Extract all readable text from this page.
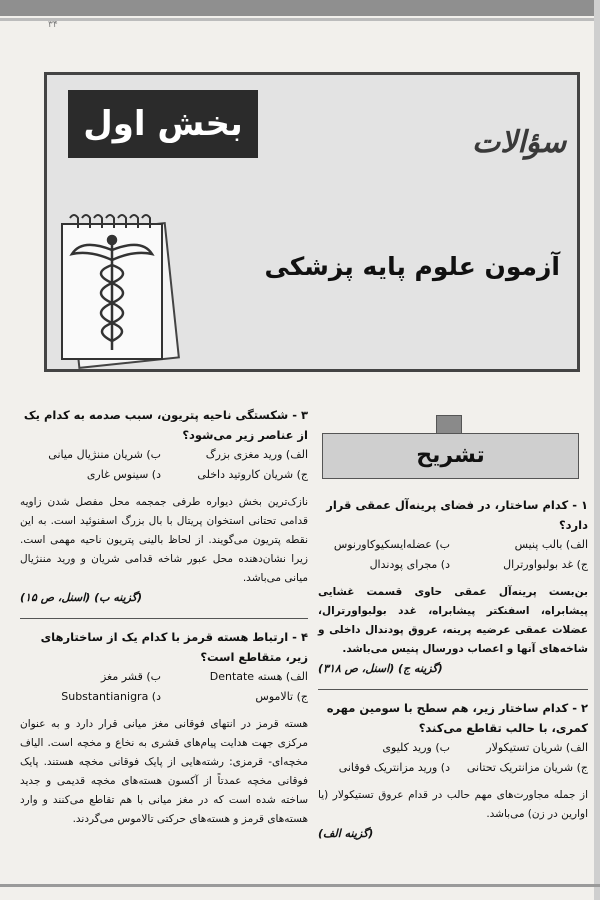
۳۴
بخش اول	سؤالات
آزمون علوم پایه پزشکی
تشریح
۱ - کدام ساختار، در فضای پرینه‌آل عمقی قرار دارد؟
الف) بالب پنیس
ب) عضله‌ایسکیوکاورنوس
ج) غد بولبواورترال
د) مجرای پودندال
بن‌بست پرینه‌آل عمقی حاوی قسمت غشایی پیشابراه، اسفنکتر پیشابراه، غدد بولبواورترال، عضلات عمقی عرضیه پرینه، عروق پودندال داخلی و شاخه‌های آنها و اعصاب دورسال پنیس می‌باشد.
(گزینه ج) (اسنل، ص ۳۱۸)
۲ - کدام ساختار زیر، هم سطح با سومین مهره کمری، با حالب تقاطع می‌کند؟
الف) شریان تستیکولار
ب) ورید کلیوی
ج) شریان مزانتریک تحتانی
د) ورید مزانتریک فوقانی
از جمله مجاورت‌های مهم حالب در قدام عروق تستیکولار (یا اوارین در زن) می‌باشد.
(گزینه الف)
۳ - شکستگی ناحیه پتریون، سبب صدمه به کدام یک از عناصر زیر می‌شود؟
الف) ورید مغزی بزرگ
ب) شریان مننژیال میانی
ج) شریان کاروتید داخلی
د) سینوس غاری
نازک‌ترین بخش دیواره طرفی جمجمه محل مفصل شدن زاویه قدامی تحتانی استخوان پریتال با بال بزرگ اسفنوئید است. به این نقطه پتریون می‌گویند. از لحاظ بالینی پتریون ناحیه مهمی است. زیرا نشان‌دهنده محل عبور شاخه قدامی شریان و ورید مننژیال میانی می‌باشد.
(گزینه ب) (اسنل، ص ۱۵)
۴ - ارتباط هسته قرمز با کدام یک از ساختارهای زیر، متقاطع است؟
الف) هسته Dentate
ب) قشر مغز
ج) تالاموس
د) Substantianigra
هسته قرمز در انتهای فوقانی مغز میانی قرار دارد و به عنوان مرکزی جهت هدایت پیام‌های قشری به نخاع و مخچه است. الیاف مخچه‌ای- قرمزی: رشته‌هایی از پایک فوقانی مخچه هستند. پایک فوقانی مخچه عمدتاً از آکسون هسته‌های مخچه قدیمی و جدید ساخته شده است که در مغز میانی با هم تقاطع می‌کنند و وارد هسته‌های قرمز و هسته‌های حرکتی تالاموس می‌گردند.
